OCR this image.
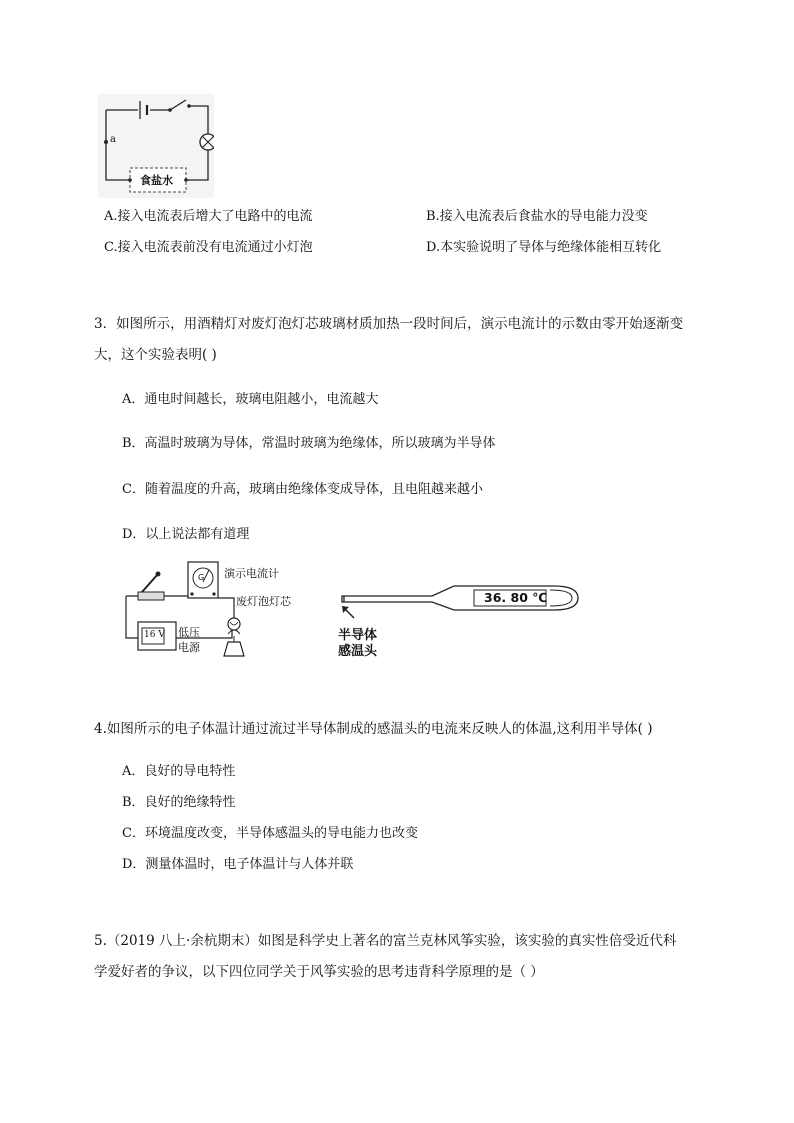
a
食盐水
A.接入电流表后增大了电路中的电流	B.接入电流表后食盐水的导电能力没变
C.接入电流表前没有电流通过小灯泡	D.本实验说明了导体与绝缘体能相互转化
3．如图所示，用酒精灯对废灯泡灯芯玻璃材质加热一段时间后，演示电流计的示数由零开始逐渐变
大，这个实验表明( )
A．通电时间越长，玻璃电阻越小，电流越大
B．高温时玻璃为导体，常温时玻璃为绝缘体，所以玻璃为半导体
C．随着温度的升高，玻璃由绝缘体变成导体，且电阻越来越小
D．以上说法都有道理
G 演示电流计
废灯泡灯芯
16 V 低压
电源
36. 80 ℃
半导体
感温头
4.如图所示的电子体温计通过流过半导体制成的感温头的电流来反映人的体温,这利用半导体( )
A．良好的导电特性
B．良好的绝缘特性
C．环境温度改变，半导体感温头的导电能力也改变
D．测量体温时，电子体温计与人体并联
5.（2019 八上·余杭期末）如图是科学史上著名的富兰克林风筝实验，该实验的真实性倍受近代科
学爱好者的争议，以下四位同学关于风筝实验的思考违背科学原理的是（ ）
